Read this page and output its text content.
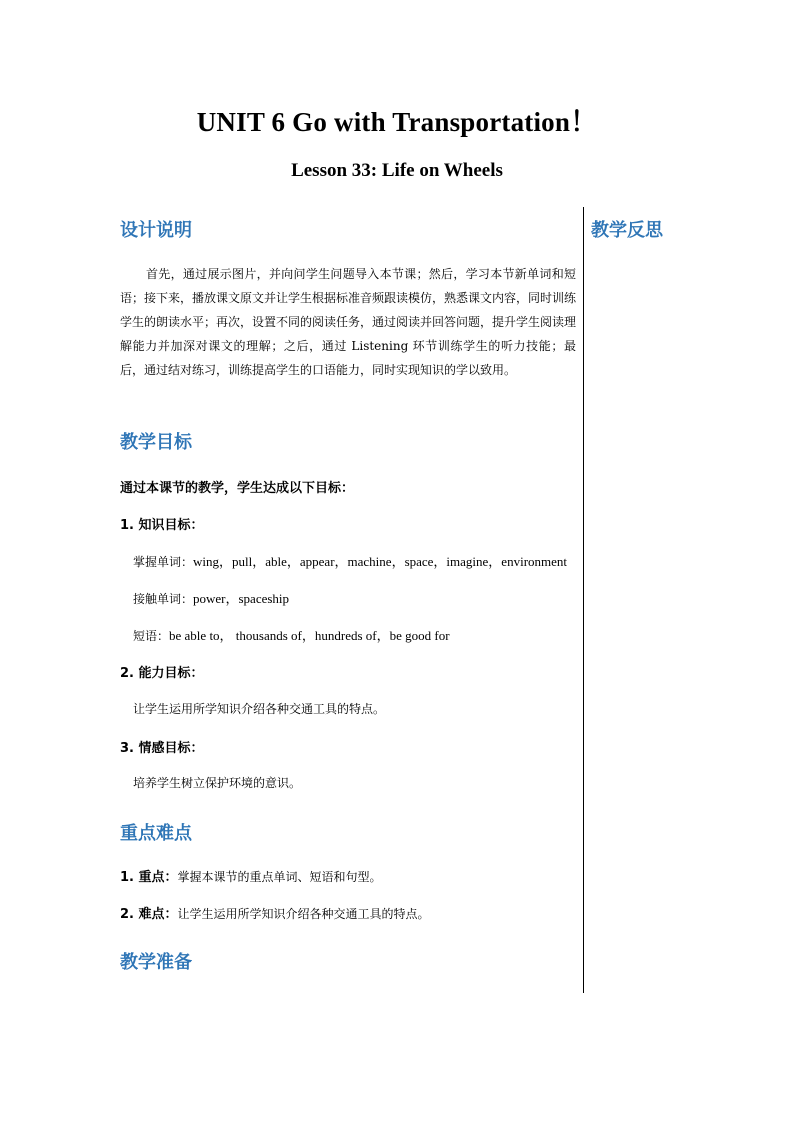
UNIT 6 Go with Transportation！
Lesson 33: Life on Wheels
教学反思
设计说明

首先，通过展示图片，并向问学生问题导入本节课；然后，学习本节新单词和短语；接下来，播放课文原文并让学生根据标准音频跟读模仿，熟悉课文内容，同时训练学生的朗读水平；再次，设置不同的阅读任务，通过阅读并回答问题，提升学生阅读理解能力并加深对课文的理解；之后，通过 Listening 环节训练学生的听力技能；最后，通过结对练习，训练提高学生的口语能力，同时实现知识的学以致用。

教学目标
通过本课节的教学，学生达成以下目标：
1. 知识目标：
掌握单词：wing，pull，able，appear，machine，space，imagine，environment
接触单词：power，spaceship
短语：be able to， thousands of，hundreds of，be good for
2. 能力目标：
让学生运用所学知识介绍各种交通工具的特点。
3. 情感目标：
培养学生树立保护环境的意识。
重点难点
1. 重点：掌握本课节的重点单词、短语和句型。
2. 难点：让学生运用所学知识介绍各种交通工具的特点。
教学准备
